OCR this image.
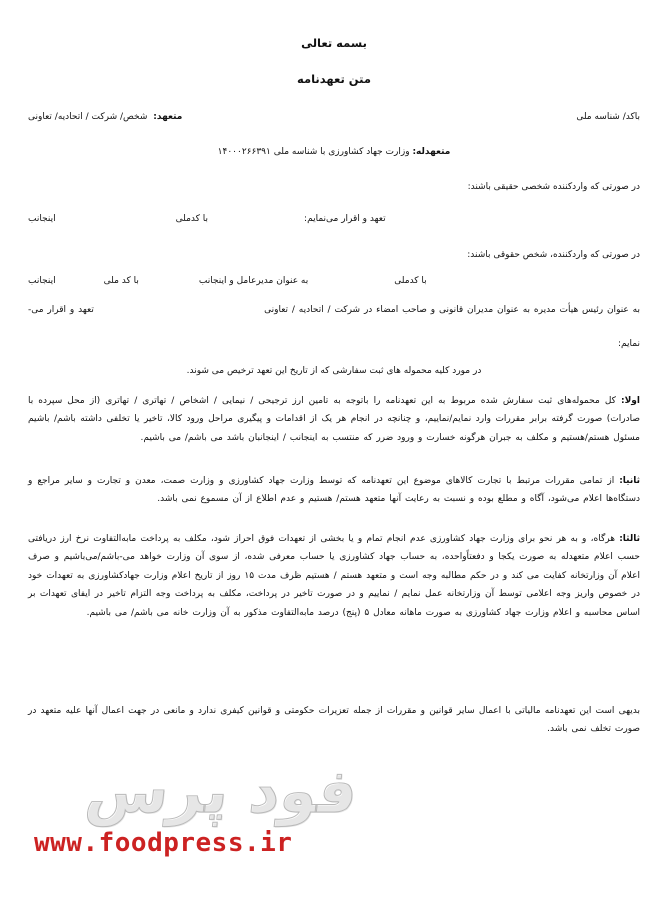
بسمه تعالی
متن تعهدنامه
متعهد: شخص/ شرکت / اتحادیه/ تعاونی	باکد/ شناسه ملی
متعهدله: وزارت جهاد کشاورزی با شناسه ملی ۱۴۰۰۰۲۶۶۳۹۱
در صورتی که واردکننده شخصی حقیقی باشند:
اینجانب	با کدملی	تعهد و اقرار می‌نمایم:
در صورتی که واردکننده، شخص حقوقی باشند:
اینجانب	با کد ملی	به عنوان مدیرعامل و اینجانب	با کدملی
تعهد و اقرار می-	به عنوان رئیس هیأت مدیره به عنوان مدیران قانونی و صاحب امضاء در شرکت / اتحادیه / تعاونی
نمایم:
در مورد کلیه محموله های ثبت سفارشی که از تاریخ این تعهد ترخیص می شوند.
اولا: کل محموله‌های ثبت سفارش شده مربوط به این تعهدنامه را باتوجه به تامین ارز ترجیحی / نیمایی / اشخاص / تهاتری / تهاتری (از محل سپرده با صادرات) صورت گرفته برابر مقررات وارد نمایم/نماییم، و چنانچه در انجام هر یک از اقدامات و پیگیری مراحل ورود کالا، تاخیر یا تخلفی داشته باشم/ باشیم مسئول هستم/هستیم و مکلف به جبران هرگونه خسارت و ورود ضرر که منتسب به اینجانب / اینجانبان باشد می باشم/ می باشیم.
ثانیا: از تمامی مقررات مرتبط با تجارت کالاهای موضوع این تعهدنامه که توسط وزارت جهاد کشاورزی و وزارت صمت، معدن و تجارت و سایر مراجع و دستگاه‌ها اعلام می‌شود، آگاه و مطلع بوده و نسبت به رعایت آنها متعهد هستم/ هستیم و عدم اطلاع از آن مسموع نمی باشد.
ثالثا: هرگاه، و به هر نحو برای وزارت جهاد کشاورزی عدم انجام تمام و یا بخشی از تعهدات فوق احراز شود، مکلف به پرداخت مابه‌التفاوت نرخ ارز دریافتی حسب اعلام متعهدله به صورت یکجا و دفعتاًواحده، به حساب جهاد کشاورزی یا حساب معرفی شده، از سوی آن وزارت خواهد می-باشم/می‌باشیم و صرف اعلام آن وزارتخانه کفایت می کند و در حکم مطالبه وجه است و متعهد هستم / هستیم ظرف مدت ۱۵ روز از تاریخ اعلام وزارت جهادکشاورزی به تعهدات خود در خصوص واریز وجه اعلامی توسط آن وزارتخانه عمل نمایم / نماییم و در صورت تاخیر در پرداخت، مکلف به پرداخت وجه التزام تاخیر در ایفای تعهدات بر اساس محاسبه و اعلام وزارت جهاد کشاورزی به صورت ماهانه معادل ۵ (پنج) درصد مابه‌التفاوت مذکور به آن وزارت خانه می باشم/ می باشیم.
بدیهی است این تعهدنامه مالیاتی با اعمال سایر قوانین و مقررات از جمله تعزیرات حکومتی و قوانین کیفری ندارد و مانعی در جهت اعمال آنها علیه متعهد در صورت تخلف نمی باشد.
فود پرس
www.foodpress.ir
